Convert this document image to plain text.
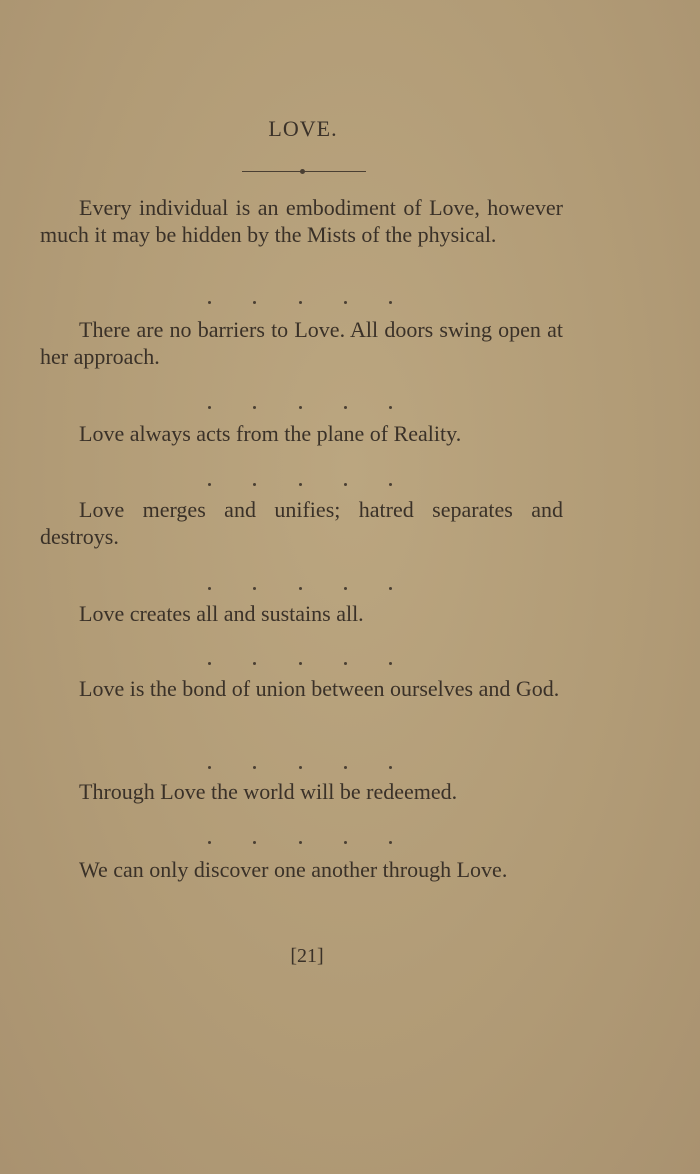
LOVE.

Every individual is an embodiment of Love, however much it may be hidden by the Mists of the physical.

There are no barriers to Love. All doors swing open at her approach.

Love always acts from the plane of Reality.

Love merges and unifies; hatred separates and destroys.

Love creates all and sustains all.

Love is the bond of union between ourselves and God.

Through Love the world will be redeemed.

We can only discover one another through Love.

[21]
